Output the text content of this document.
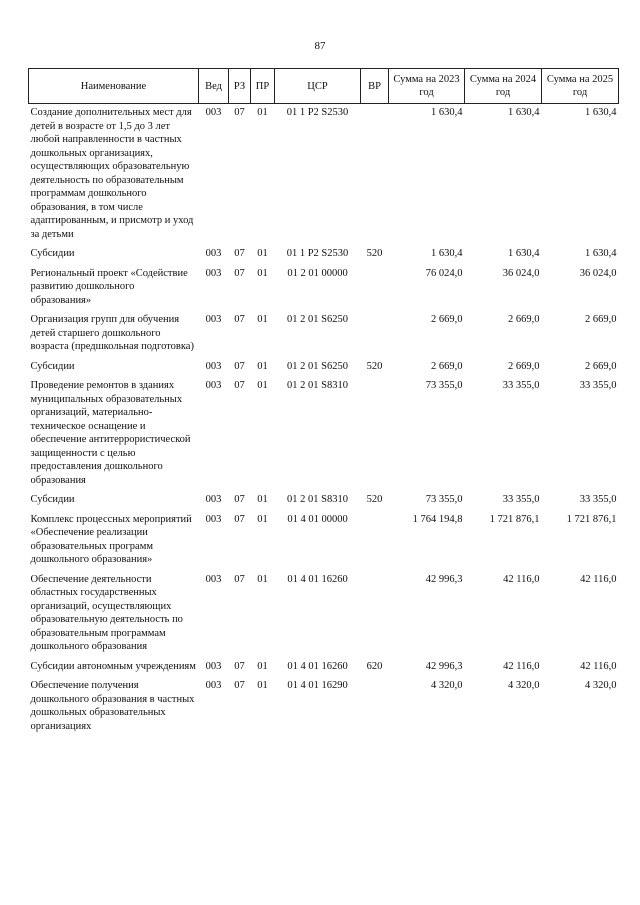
87
Наименование	Вед	РЗ	ПР	ЦСР	ВР	Сумма на 2023 год	Сумма на 2024 год	Сумма на 2025 год
Создание дополнительных мест для детей в возрасте от 1,5 до 3 лет любой направленности в частных дошкольных организациях, осуществляющих образовательную деятельность по образовательным программам дошкольного образования, в том числе адаптированным, и присмотр и уход за детьми	003	07	01	01 1 P2 S2530		1 630,4	1 630,4	1 630,4
Субсидии	003	07	01	01 1 P2 S2530	520	1 630,4	1 630,4	1 630,4
Региональный проект «Содействие развитию дошкольного образования»	003	07	01	01 2 01 00000		76 024,0	36 024,0	36 024,0
Организация групп для обучения детей старшего дошкольного возраста (предшкольная подготовка)	003	07	01	01 2 01 S6250		2 669,0	2 669,0	2 669,0
Субсидии	003	07	01	01 2 01 S6250	520	2 669,0	2 669,0	2 669,0
Проведение ремонтов в зданиях муниципальных образовательных организаций, материально-техническое оснащение и обеспечение антитеррористической защищенности с целью предоставления дошкольного образования	003	07	01	01 2 01 S8310		73 355,0	33 355,0	33 355,0
Субсидии	003	07	01	01 2 01 S8310	520	73 355,0	33 355,0	33 355,0
Комплекс процессных мероприятий «Обеспечение реализации образовательных программ дошкольного образования»	003	07	01	01 4 01 00000		1 764 194,8	1 721 876,1	1 721 876,1
Обеспечение деятельности областных государственных организаций, осуществляющих образовательную деятельность по образовательным программам дошкольного образования	003	07	01	01 4 01 16260		42 996,3	42 116,0	42 116,0
Субсидии автономным учреждениям	003	07	01	01 4 01 16260	620	42 996,3	42 116,0	42 116,0
Обеспечение получения дошкольного образования в частных дошкольных образовательных организациях	003	07	01	01 4 01 16290		4 320,0	4 320,0	4 320,0
